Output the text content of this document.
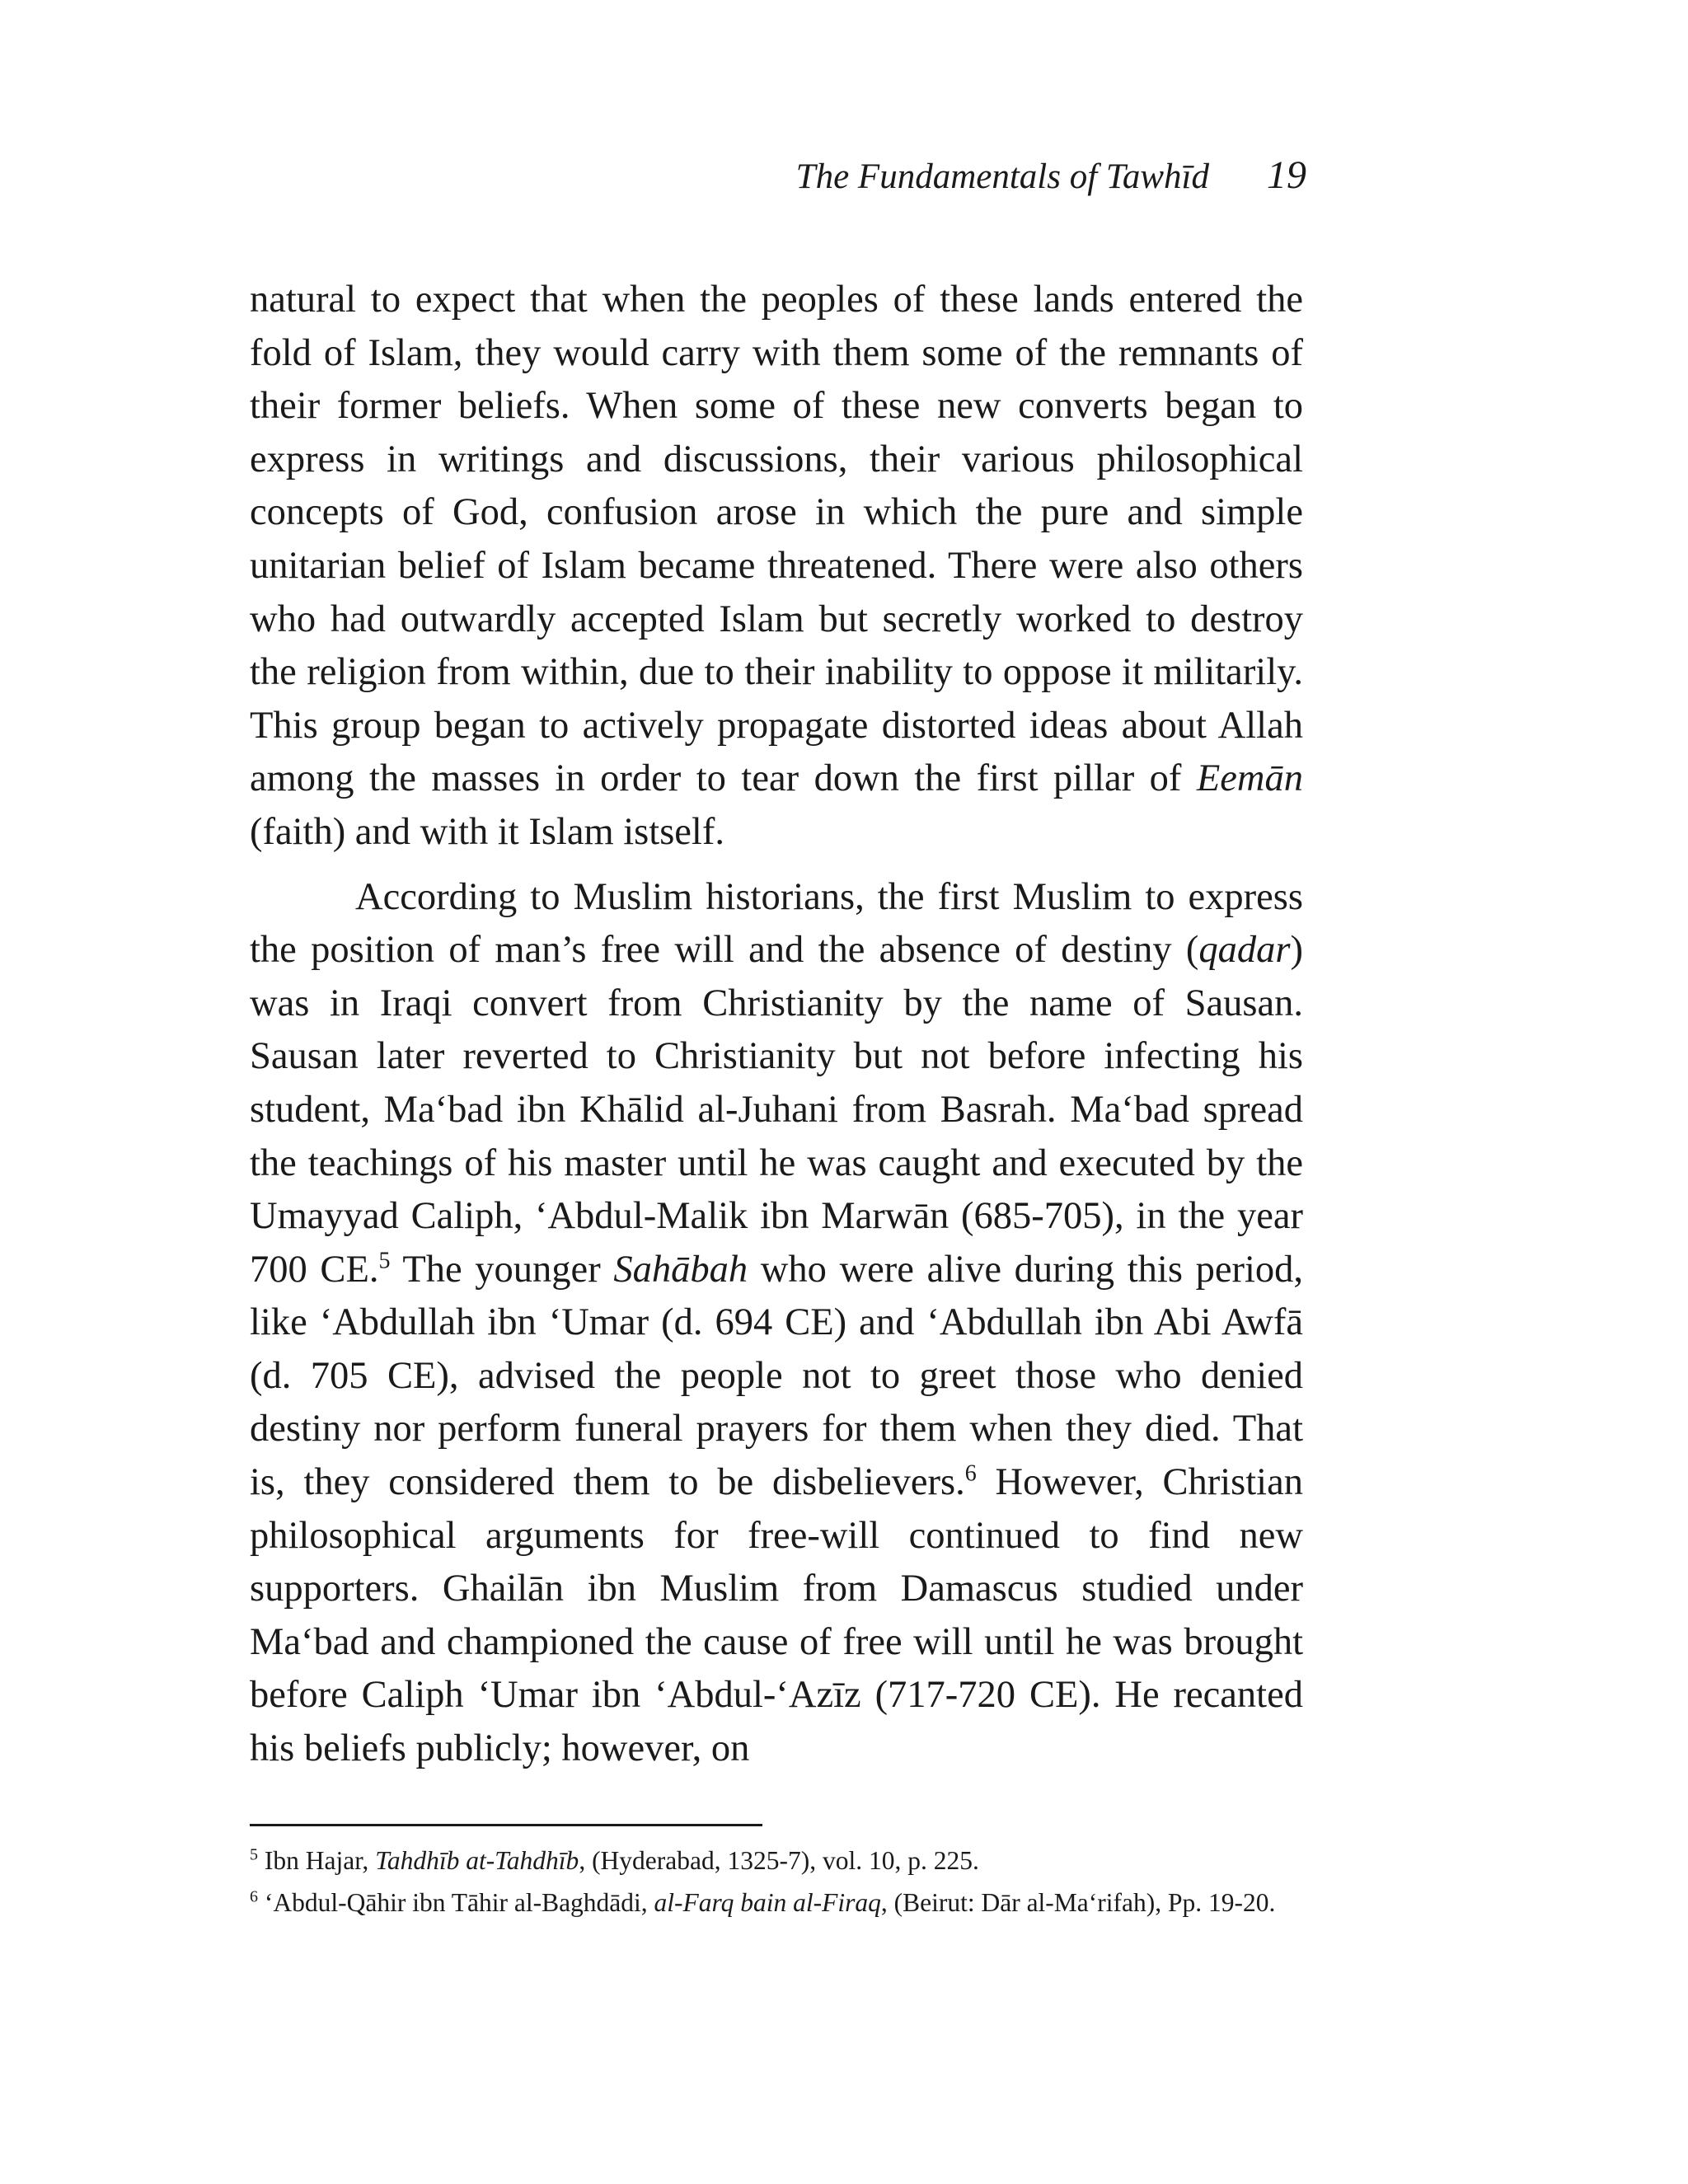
The Fundamentals of Tawhīd 19

natural to expect that when the peoples of these lands entered the fold of Islam, they would carry with them some of the remnants of their former beliefs. When some of these new converts began to express in writings and discussions, their various philosophical concepts of God, confusion arose in which the pure and simple unitarian belief of Islam became threatened. There were also others who had outwardly accepted Islam but secretly worked to destroy the religion from within, due to their inability to oppose it militarily. This group began to actively propagate distorted ideas about Allah among the masses in order to tear down the first pillar of Eemān (faith) and with it Islam istself.

According to Muslim historians, the first Muslim to express the position of man’s free will and the absence of destiny (qadar) was in Iraqi convert from Christianity by the name of Sausan. Sausan later reverted to Christianity but not before infecting his student, Ma‘bad ibn Khālid al-Juhani from Basrah. Ma‘bad spread the teachings of his master until he was caught and executed by the Umayyad Caliph, ‘Abdul-Malik ibn Marwān (685-705), in the year 700 CE.$^5$ The younger Sahābah who were alive during this period, like ‘Abdullah ibn ‘Umar (d. 694 CE) and ‘Abdullah ibn Abi Awfā (d. 705 CE), advised the people not to greet those who denied destiny nor perform funeral prayers for them when they died. That is, they considered them to be disbelievers.$^6$ However, Christian philosophical arguments for free-will continued to find new supporters. Ghailān ibn Muslim from Damascus studied under Ma‘bad and championed the cause of free will until he was brought before Caliph ‘Umar ibn ‘Abdul-‘Azīz (717-720 CE). He recanted his beliefs publicly; however, on

$^5$ Ibn Hajar, Tahdhīb at-Tahdhīb, (Hyderabad, 1325-7), vol. 10, p. 225.

$^6$ ‘Abdul-Qāhir ibn Tāhir al-Baghdādi, al-Farq bain al-Firaq, (Beirut: Dār al-Ma‘rifah), Pp. 19-20.
